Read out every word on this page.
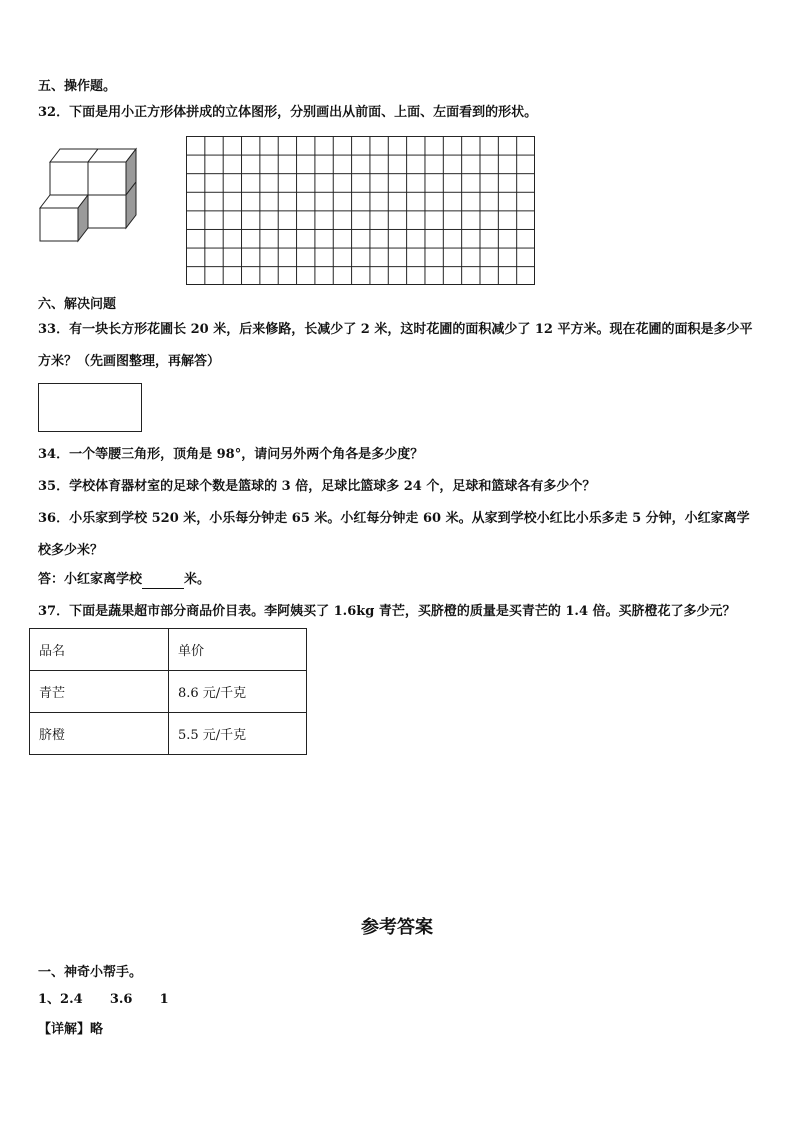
五、操作题。
32．下面是用小正方形体拼成的立体图形，分别画出从前面、上面、左面看到的形状。
六、解决问题
33．有一块长方形花圃长 20 米，后来修路，长减少了 2 米，这时花圃的面积减少了 12 平方米。现在花圃的面积是多少平方米？（先画图整理，再解答）
34．一个等腰三角形，顶角是 98°，请问另外两个角各是多少度？
35．学校体育器材室的足球个数是篮球的 3 倍，足球比篮球多 24 个，足球和篮球各有多少个？
36．小乐家到学校 520 米，小乐每分钟走 65 米。小红每分钟走 60 米。从家到学校小红比小乐多走 5 分钟，小红家离学校多少米？
答：小红家离学校	米。
37．下面是蔬果超市部分商品价目表。李阿姨买了 1.6kg 青芒，买脐橙的质量是买青芒的 1.4 倍。买脐橙花了多少元？
品名	单价
青芒	8.6 元/千克
脐橙	5.5 元/千克
参考答案
一、神奇小帮手。
1、2.4      3.6      1
【详解】略
